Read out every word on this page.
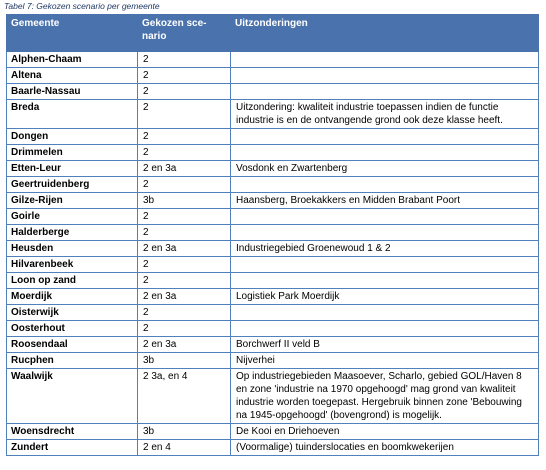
Tabel 7: Gekozen scenario per gemeente
Gemeente	Gekozen sce-nario	Uitzonderingen
Alphen-Chaam	2	
Altena	2	
Baarle-Nassau	2	
Breda	2	Uitzondering: kwaliteit industrie toepassen indien de functie industrie is en de ontvangende grond ook deze klasse heeft.
Dongen	2	
Drimmelen	2	
Etten-Leur	2 en 3a	Vosdonk en Zwartenberg
Geertruidenberg	2	
Gilze-Rijen	3b	Haansberg, Broekakkers en Midden Brabant Poort
Goirle	2	
Halderberge	2	
Heusden	2 en 3a	Industriegebied Groenewoud 1 & 2
Hilvarenbeek	2	
Loon op zand	2	
Moerdijk	2 en 3a	Logistiek Park Moerdijk
Oisterwijk	2	
Oosterhout	2	
Roosendaal	2 en 3a	Borchwerf II veld B
Rucphen	3b	Nijverhei
Waalwijk	2 3a, en 4	Op industriegebieden Maasoever, Scharlo, gebied GOL/Haven 8 en zone 'industrie na 1970 opgehoogd' mag grond van kwaliteit industrie worden toegepast. Hergebruik binnen zone 'Bebouwing na 1945-opgehoogd' (bovengrond) is mogelijk.
Woensdrecht	3b	De Kooi en Driehoeven
Zundert	2 en 4	(Voormalige) tuinderslocaties en boomkwekerijen
